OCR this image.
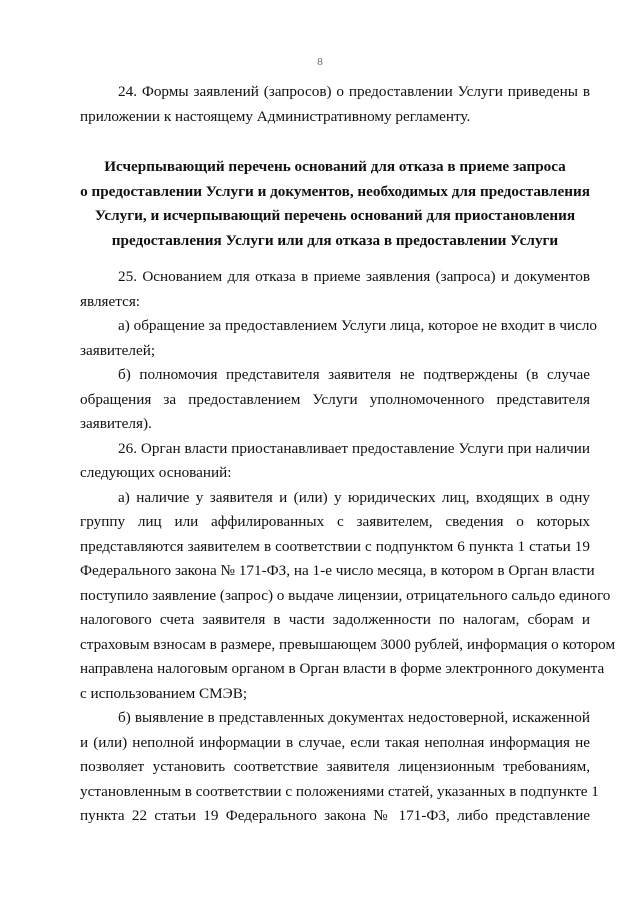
8
24. Формы заявлений (запросов) о предоставлении Услуги приведены в
приложении к настоящему Административному регламенту.
Исчерпывающий перечень оснований для отказа в приеме запроса
о предоставлении Услуги и документов, необходимых для предоставления
Услуги, и исчерпывающий перечень оснований для приостановления
предоставления Услуги или для отказа в предоставлении Услуги
25. Основанием для отказа в приеме заявления (запроса) и документов
является:
а) обращение за предоставлением Услуги лица, которое не входит в число
заявителей;
б) полномочия представителя заявителя не подтверждены (в случае
обращения за предоставлением Услуги уполномоченного представителя
заявителя).
26. Орган власти приостанавливает предоставление Услуги при наличии
следующих оснований:
а) наличие у заявителя и (или) у юридических лиц, входящих в одну
группу лиц или аффилированных с заявителем, сведения о которых
представляются заявителем в соответствии с подпунктом 6 пункта 1 статьи 19
Федерального закона № 171-ФЗ, на 1-е число месяца, в котором в Орган власти
поступило заявление (запрос) о выдаче лицензии, отрицательного сальдо единого
налогового счета заявителя в части задолженности по налогам, сборам и
страховым взносам в размере, превышающем 3000 рублей, информация о котором
направлена налоговым органом в Орган власти в форме электронного документа
с использованием СМЭВ;
б) выявление в представленных документах недостоверной, искаженной
и (или) неполной информации в случае, если такая неполная информация не
позволяет установить соответствие заявителя лицензионным требованиям,
установленным в соответствии с положениями статей, указанных в подпункте 1
пункта 22 статьи 19 Федерального закона № 171-ФЗ, либо представление
